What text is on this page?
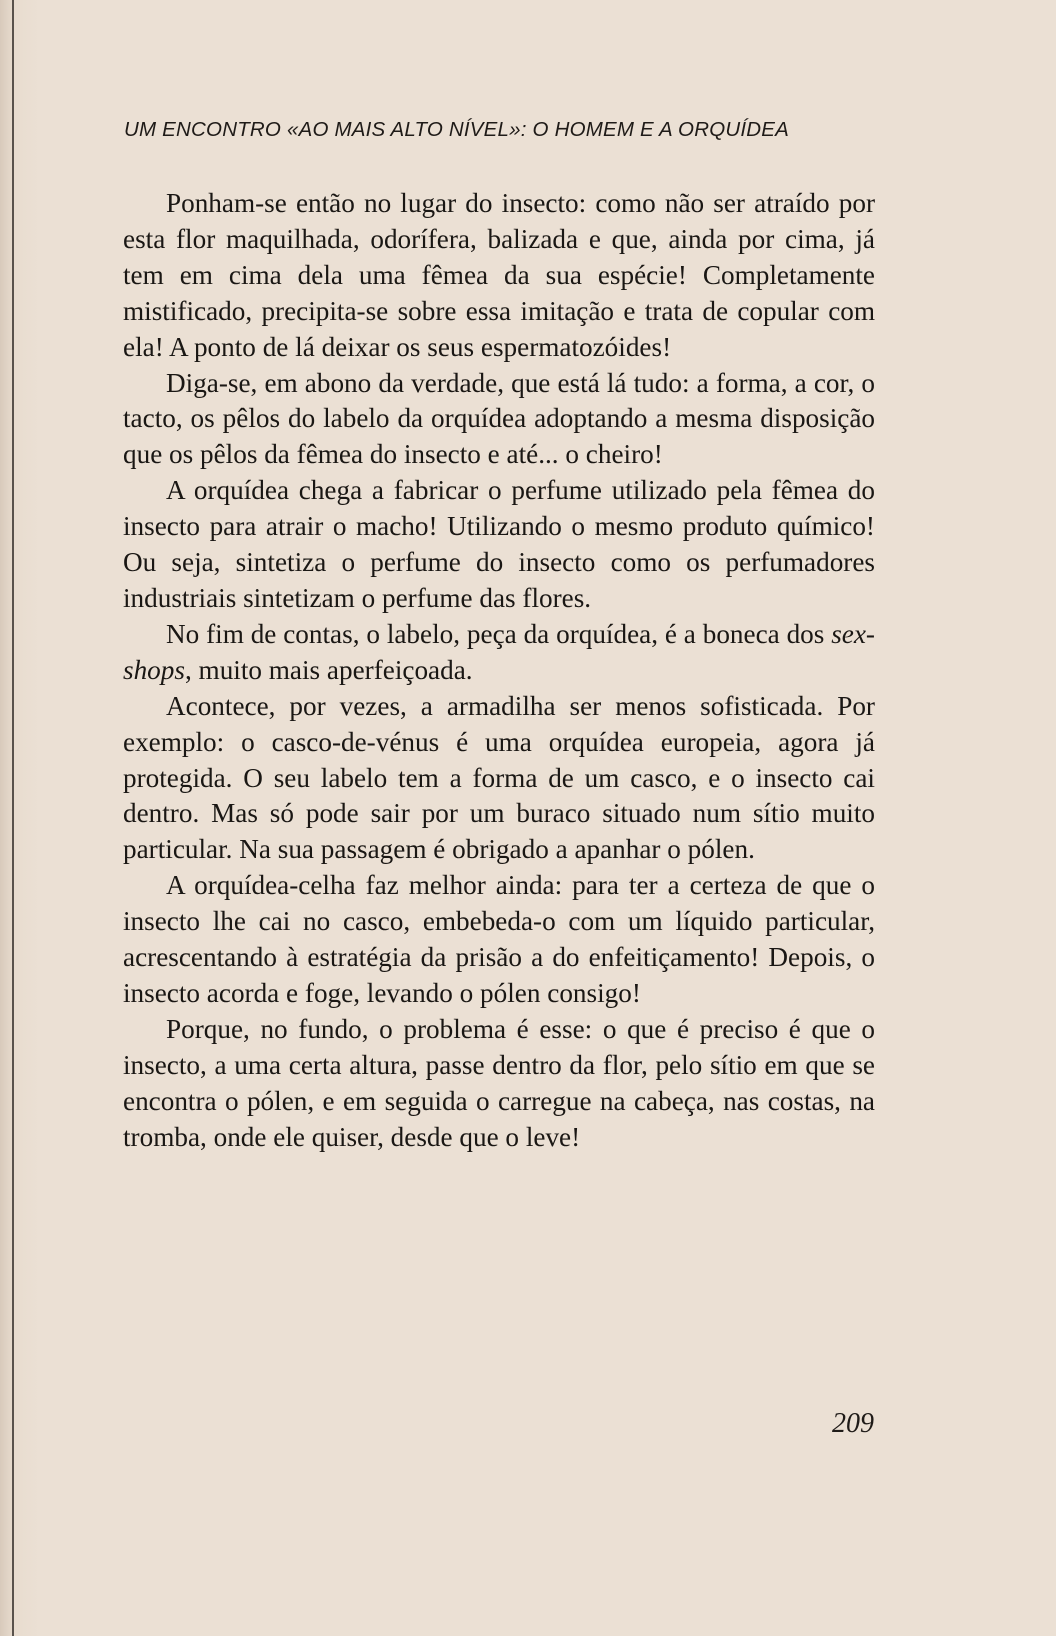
UM ENCONTRO «AO MAIS ALTO NÍVEL»: O HOMEM E A ORQUÍDEA

Ponham-se então no lugar do insecto: como não ser atraído por esta flor maquilhada, odorífera, balizada e que, ainda por cima, já tem em cima dela uma fêmea da sua espécie! Completamente mistificado, precipita-se sobre essa imitação e trata de copular com ela! A ponto de lá deixar os seus espermatozóides!

Diga-se, em abono da verdade, que está lá tudo: a forma, a cor, o tacto, os pêlos do labelo da orquídea adoptando a mesma disposição que os pêlos da fêmea do insecto e até... o cheiro!

A orquídea chega a fabricar o perfume utilizado pela fêmea do insecto para atrair o macho! Utilizando o mesmo produto químico! Ou seja, sintetiza o perfume do insecto como os perfumadores industriais sintetizam o perfume das flores.

No fim de contas, o labelo, peça da orquídea, é a boneca dos sex-shops, muito mais aperfeiçoada.

Acontece, por vezes, a armadilha ser menos sofisticada. Por exemplo: o casco-de-vénus é uma orquídea europeia, agora já protegida. O seu labelo tem a forma de um casco, e o insecto cai dentro. Mas só pode sair por um buraco situado num sítio muito particular. Na sua passagem é obrigado a apanhar o pólen.

A orquídea-celha faz melhor ainda: para ter a certeza de que o insecto lhe cai no casco, embebeda-o com um líquido particular, acrescentando à estratégia da prisão a do enfeitiçamento! Depois, o insecto acorda e foge, levando o pólen consigo!

Porque, no fundo, o problema é esse: o que é preciso é que o insecto, a uma certa altura, passe dentro da flor, pelo sítio em que se encontra o pólen, e em seguida o carregue na cabeça, nas costas, na tromba, onde ele quiser, desde que o leve!

209
